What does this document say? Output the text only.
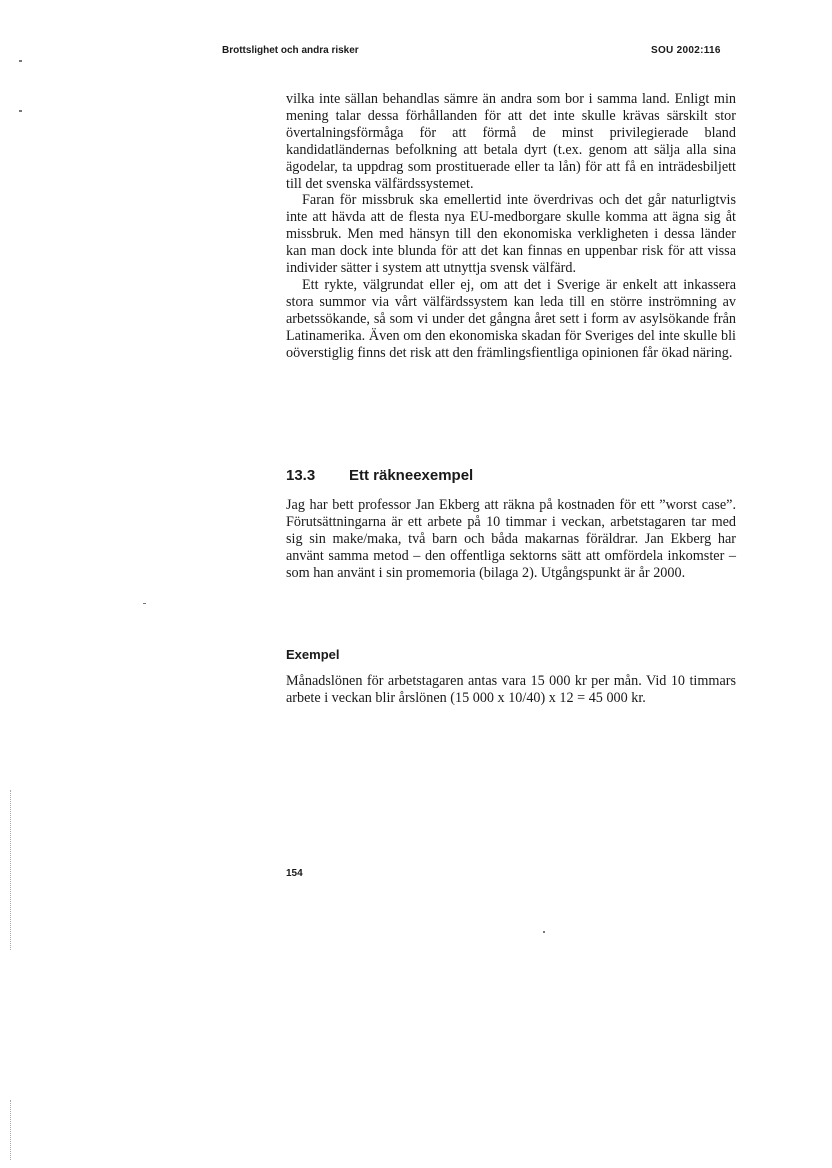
Brottslighet och andra risker	SOU 2002:116

vilka inte sällan behandlas sämre än andra som bor i samma land. Enligt min mening talar dessa förhållanden för att det inte skulle krävas särskilt stor övertalningsförmåga för att förmå de minst privilegierade bland kandidatländernas befolkning att betala dyrt (t.ex. genom att sälja alla sina ägodelar, ta uppdrag som prostituerade eller ta lån) för att få en inträdesbiljett till det svenska välfärdssystemet.

Faran för missbruk ska emellertid inte överdrivas och det går naturligtvis inte att hävda att de flesta nya EU-medborgare skulle komma att ägna sig åt missbruk. Men med hänsyn till den ekonomiska verkligheten i dessa länder kan man dock inte blunda för att det kan finnas en uppenbar risk för att vissa individer sätter i system att utnyttja svensk välfärd.

Ett rykte, välgrundat eller ej, om att det i Sverige är enkelt att inkassera stora summor via vårt välfärdssystem kan leda till en större inströmning av arbetssökande, så som vi under det gångna året sett i form av asylsökande från Latinamerika. Även om den ekonomiska skadan för Sveriges del inte skulle bli oöverstiglig finns det risk att den främlingsfientliga opinionen får ökad näring.

13.3 Ett räkneexempel

Jag har bett professor Jan Ekberg att räkna på kostnaden för ett ”worst case”. Förutsättningarna är ett arbete på 10 timmar i veckan, arbetstagaren tar med sig sin make/maka, två barn och båda makarnas föräldrar. Jan Ekberg har använt samma metod – den offentliga sektorns sätt att omfördela inkomster – som han använt i sin promemoria (bilaga 2). Utgångspunkt är år 2000.

Exempel

Månadslönen för arbetstagaren antas vara 15 000 kr per mån. Vid 10 timmars arbete i veckan blir årslönen (15 000 x 10/40) x 12 = 45 000 kr.

154
